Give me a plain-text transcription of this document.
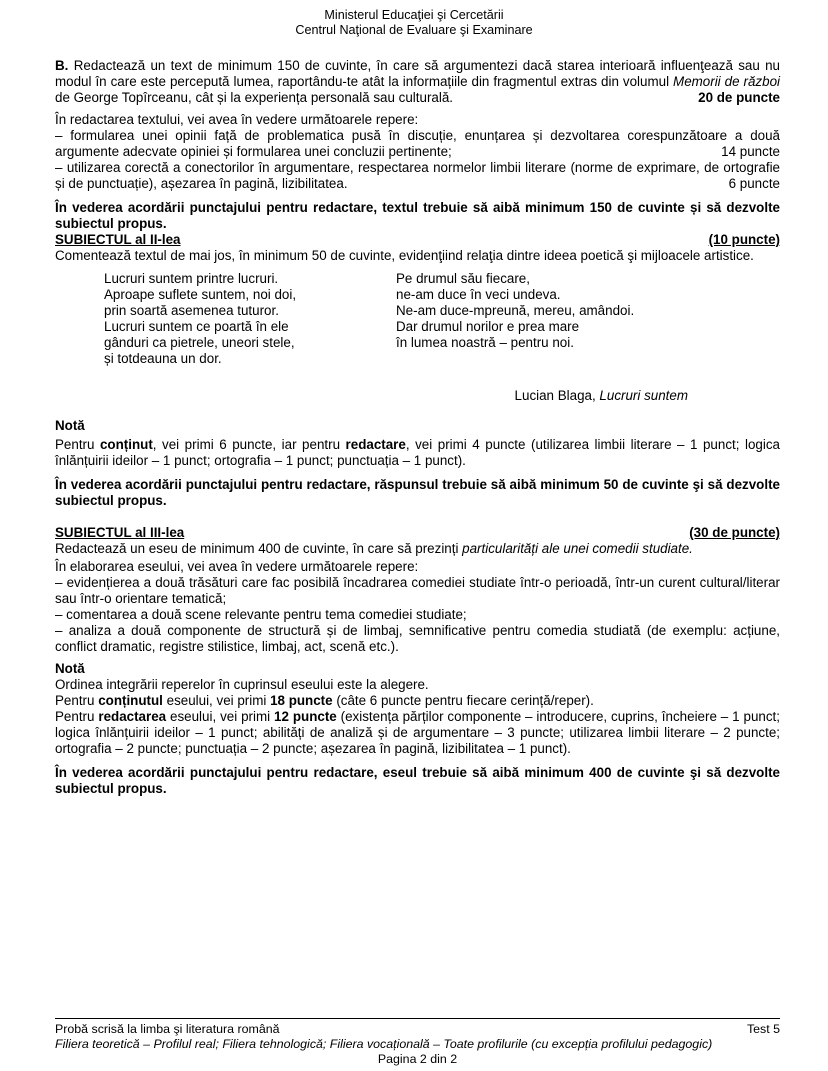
Ministerul Educaţiei şi Cercetării
Centrul Naţional de Evaluare şi Examinare

B. Redactează un text de minimum 150 de cuvinte, în care să argumentezi dacă starea interioară influenţează sau nu modul în care este percepută lumea, raportându-te atât la informațiile din fragmentul extras din volumul Memorii de război de George Topîrceanu, cât și la experiența personală sau culturală.	20 de puncte

În redactarea textului, vei avea în vedere următoarele repere:

– formularea unei opinii față de problematica pusă în discuție, enunțarea și dezvoltarea corespunzătoare a două argumente adecvate opiniei și formularea unei concluzii pertinente;	14 puncte

– utilizarea corectă a conectorilor în argumentare, respectarea normelor limbii literare (norme de exprimare, de ortografie și de punctuație), așezarea în pagină, lizibilitatea.	6 puncte

În vederea acordării punctajului pentru redactare, textul trebuie să aibă minimum 150 de cuvinte și să dezvolte subiectul propus.

SUBIECTUL al II-lea	(10 puncte)

Comentează textul de mai jos, în minimum 50 de cuvinte, evidenţiind relaţia dintre ideea poetică şi mijloacele artistice.

Lucruri suntem printre lucruri.
Aproape suflete suntem, noi doi,
prin soartă asemenea tuturor.
Lucruri suntem ce poartă în ele
gânduri ca pietrele, uneori stele,
și totdeauna un dor.
Pe drumul său fiecare,
ne-am duce în veci undeva.
Ne-am duce-mpreună, mereu, amândoi.
Dar drumul norilor e prea mare
în lumea noastră – pentru noi.
Lucian Blaga, Lucruri suntem

Notă

Pentru conținut, vei primi 6 puncte, iar pentru redactare, vei primi 4 puncte (utilizarea limbii literare – 1 punct; logica înlănțuirii ideilor – 1 punct; ortografia – 1 punct; punctuația – 1 punct).

În vederea acordării punctajului pentru redactare, răspunsul trebuie să aibă minimum 50 de cuvinte şi să dezvolte subiectul propus.

SUBIECTUL al III-lea	(30 de puncte)

Redactează un eseu de minimum 400 de cuvinte, în care să prezinți particularități ale unei comedii studiate.

În elaborarea eseului, vei avea în vedere următoarele repere:

– evidențierea a două trăsături care fac posibilă încadrarea comediei studiate într-o perioadă, într-un curent cultural/literar sau într-o orientare tematică;

– comentarea a două scene relevante pentru tema comediei studiate;

– analiza a două componente de structură și de limbaj, semnificative pentru comedia studiată (de exemplu: acțiune, conflict dramatic, registre stilistice, limbaj, act, scenă etc.).

Notă

Ordinea integrării reperelor în cuprinsul eseului este la alegere.

Pentru conținutul eseului, vei primi 18 puncte (câte 6 puncte pentru fiecare cerință/reper).

Pentru redactarea eseului, vei primi 12 puncte (existența părților componente – introducere, cuprins, încheiere – 1 punct; logica înlănțuirii ideilor – 1 punct; abilități de analiză și de argumentare – 3 puncte; utilizarea limbii literare – 2 puncte; ortografia – 2 puncte; punctuația – 2 puncte; așezarea în pagină, lizibilitatea – 1 punct).

În vederea acordării punctajului pentru redactare, eseul trebuie să aibă minimum 400 de cuvinte şi să dezvolte subiectul propus.

Probă scrisă la limba şi literatura română	Test 5
Filiera teoretică – Profilul real; Filiera tehnologică; Filiera vocațională – Toate profilurile (cu excepția profilului pedagogic)
Pagina 2 din 2
